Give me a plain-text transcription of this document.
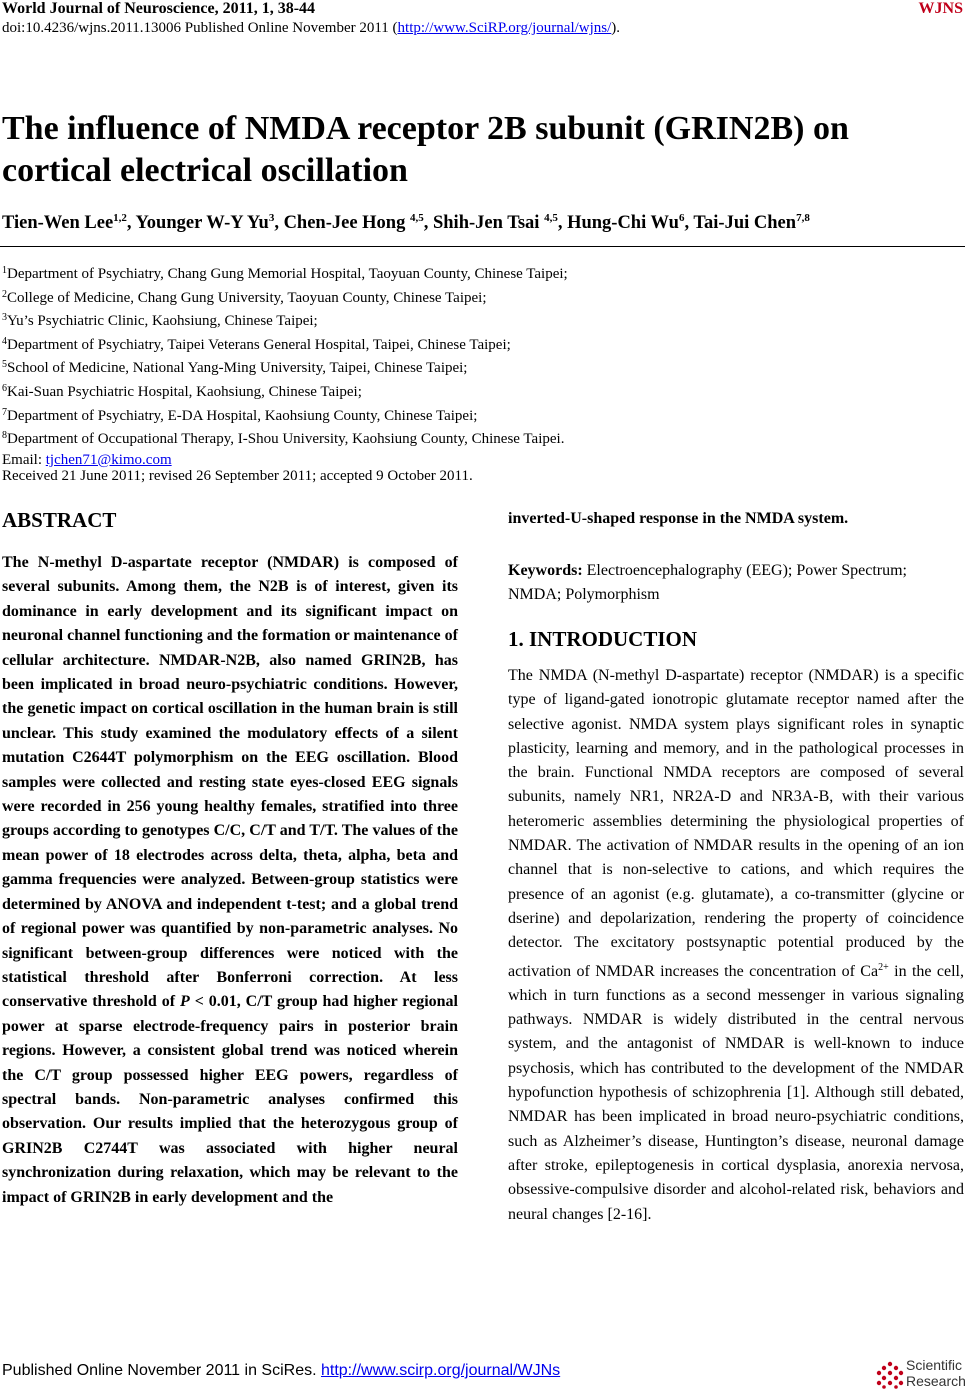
World Journal of Neuroscience, 2011, 1, 38-44	WJNS
doi:10.4236/wjns.2011.13006 Published Online November 2011 (http://www.SciRP.org/journal/wjns/).
The influence of NMDA receptor 2B subunit (GRIN2B) on cortical electrical oscillation
Tien-Wen Lee$^{1,2}$, Younger W-Y Yu$^3$, Chen-Jee Hong $^{4,5}$, Shih-Jen Tsai $^{4,5}$, Hung-Chi Wu$^6$, Tai-Jui Chen$^{7,8}$
$^1$Department of Psychiatry, Chang Gung Memorial Hospital, Taoyuan County, Chinese Taipei;
$^2$College of Medicine, Chang Gung University, Taoyuan County, Chinese Taipei;
$^3$Yu’s Psychiatric Clinic, Kaohsiung, Chinese Taipei;
$^4$Department of Psychiatry, Taipei Veterans General Hospital, Taipei, Chinese Taipei;
$^5$School of Medicine, National Yang-Ming University, Taipei, Chinese Taipei;
$^6$Kai-Suan Psychiatric Hospital, Kaohsiung, Chinese Taipei;
$^7$Department of Psychiatry, E-DA Hospital, Kaohsiung County, Chinese Taipei;
$^8$Department of Occupational Therapy, I-Shou University, Kaohsiung County, Chinese Taipei.
Email: tjchen71@kimo.com
Received 21 June 2011; revised 26 September 2011; accepted 9 October 2011.
ABSTRACT
The N-methyl D-aspartate receptor (NMDAR) is composed of several subunits. Among them, the N2B is of interest, given its dominance in early development and its significant impact on neuronal channel functioning and the formation or maintenance of cellular architecture. NMDAR-N2B, also named GRIN2B, has been implicated in broad neuro-psychiatric conditions. However, the genetic impact on cortical oscillation in the human brain is still unclear. This study examined the modulatory effects of a silent mutation C2644T polymorphism on the EEG oscillation. Blood samples were collected and resting state eyes-closed EEG signals were recorded in 256 young healthy females, stratified into three groups according to genotypes C/C, C/T and T/T. The values of the mean power of 18 electrodes across delta, theta, alpha, beta and gamma frequencies were analyzed. Between-group statistics were determined by ANOVA and independent t-test; and a global trend of regional power was quantified by non-parametric analyses. No significant between-group differences were noticed with the statistical threshold after Bonferroni correction. At less conservative threshold of P < 0.01, C/T group had higher regional power at sparse electrode-frequency pairs in posterior brain regions. However, a consistent global trend was noticed wherein the C/T group possessed higher EEG powers, regardless of spectral bands. Non-parametric analyses confirmed this observation. Our results implied that the heterozygous group of GRIN2B C2744T was associated with higher neural synchronization during relaxation, which may be relevant to the impact of GRIN2B in early development and the
inverted-U-shaped response in the NMDA system.
Keywords: Electroencephalography (EEG); Power Spectrum; NMDA; Polymorphism
1. INTRODUCTION
The NMDA (N-methyl D-aspartate) receptor (NMDAR) is a specific type of ligand-gated ionotropic glutamate receptor named after the selective agonist. NMDA system plays significant roles in synaptic plasticity, learning and memory, and in the pathological processes in the brain. Functional NMDA receptors are composed of several subunits, namely NR1, NR2A-D and NR3A-B, with their various heteromeric assemblies determining the physiological properties of NMDAR. The activation of NMDAR results in the opening of an ion channel that is non-selective to cations, and which requires the presence of an agonist (e.g. glutamate), a co-transmitter (glycine or dserine) and depolarization, rendering the property of coincidence detector. The excitatory postsynaptic potential produced by the activation of NMDAR increases the concentration of $Ca^{2+}$ in the cell, which in turn functions as a second messenger in various signaling pathways. NMDAR is widely distributed in the central nervous system, and the antagonist of NMDAR is well-known to induce psychosis, which has contributed to the development of the NMDAR hypofunction hypothesis of schizophrenia [1]. Although still debated, NMDAR has been implicated in broad neuro-psychiatric conditions, such as Alzheimer’s disease, Huntington’s disease, neuronal damage after stroke, epileptogenesis in cortical dysplasia, anorexia nervosa, obsessive-compulsive disorder and alcohol-related risk, behaviors and neural changes [2-16].
Published Online November 2011 in SciRes. http://www.scirp.org/journal/WJNs	Scientific
Research
